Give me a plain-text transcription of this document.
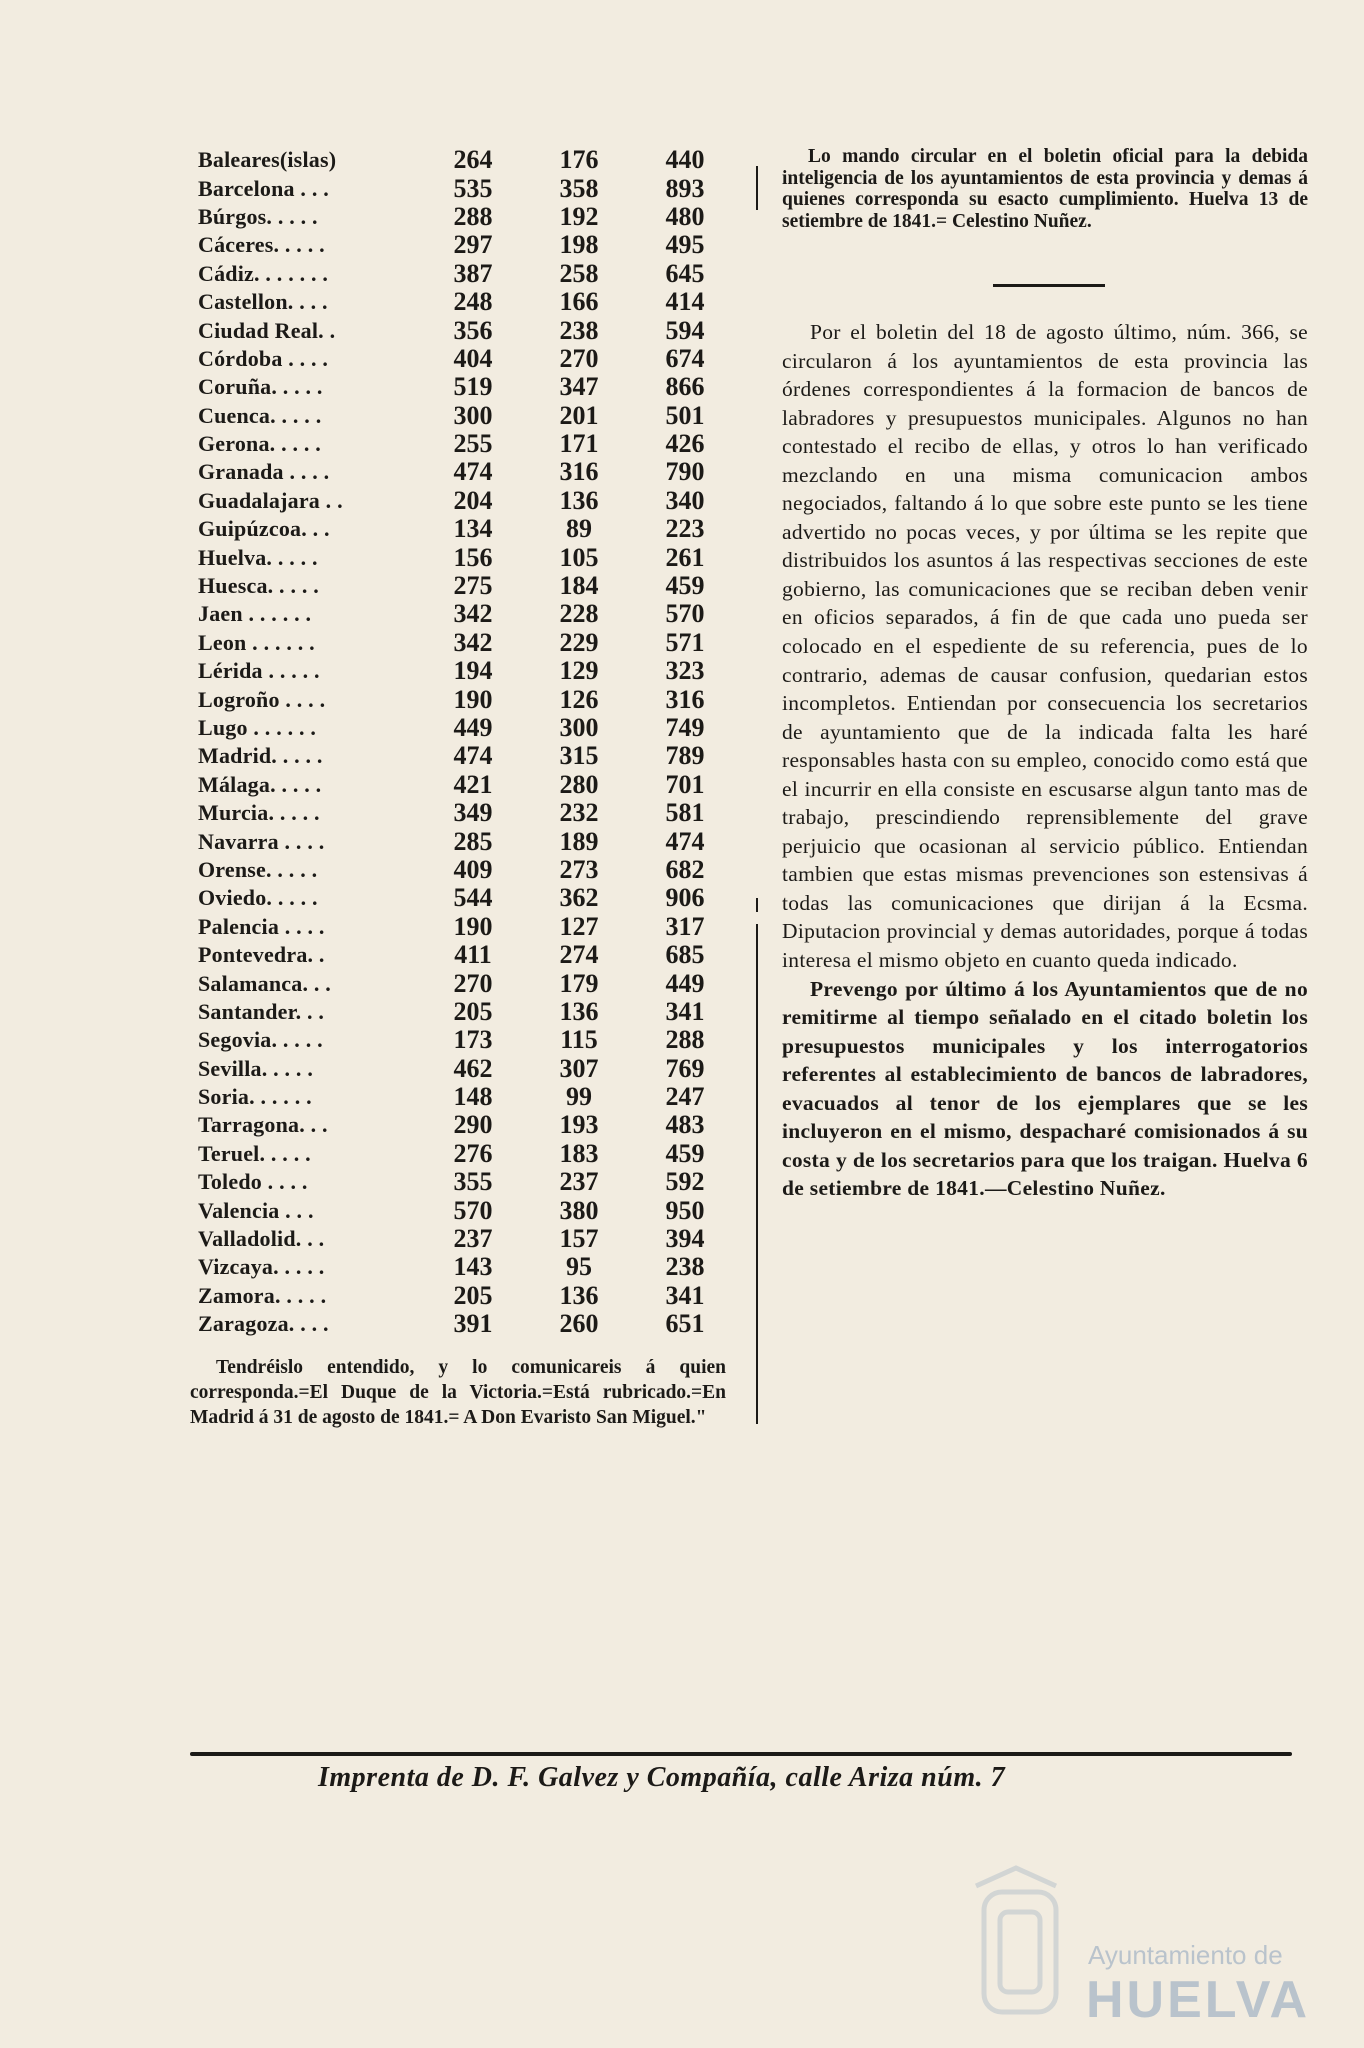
Baleares(islas)	264	176	440
Barcelona . . .	535	358	893
Búrgos. . . . .	288	192	480
Cáceres. . . . .	297	198	495
Cádiz. . . . . . .	387	258	645
Castellon. . . .	248	166	414
Ciudad Real. .	356	238	594
Córdoba . . . .	404	270	674
Coruña. . . . .	519	347	866
Cuenca. . . . .	300	201	501
Gerona. . . . .	255	171	426
Granada . . . .	474	316	790
Guadalajara . .	204	136	340
Guipúzcoa. . .	134	89	223
Huelva. . . . .	156	105	261
Huesca. . . . .	275	184	459
Jaen . . . . . .	342	228	570
Leon . . . . . .	342	229	571
Lérida . . . . .	194	129	323
Logroño . . . .	190	126	316
Lugo . . . . . .	449	300	749
Madrid. . . . .	474	315	789
Málaga. . . . .	421	280	701
Murcia. . . . .	349	232	581
Navarra . . . .	285	189	474
Orense. . . . .	409	273	682
Oviedo. . . . .	544	362	906
Palencia . . . .	190	127	317
Pontevedra. .	411	274	685
Salamanca. . .	270	179	449
Santander. . .	205	136	341
Segovia. . . . .	173	115	288
Sevilla. . . . .	462	307	769
Soria. . . . . .	148	99	247
Tarragona. . .	290	193	483
Teruel. . . . .	276	183	459
Toledo . . . .	355	237	592
Valencia . . .	570	380	950
Valladolid. . .	237	157	394
Vizcaya. . . . .	143	95	238
Zamora. . . . .	205	136	341
Zaragoza. . . .	391	260	651
Tendréislo entendido, y lo comunicareis á quien corresponda.=El Duque de la Victoria.=Está rubricado.=En Madrid á 31 de agosto de 1841.= A Don Evaristo San Miguel."
Lo mando circular en el boletin oficial para la debida inteligencia de los ayuntamientos de esta provincia y demas á quienes corresponda su esacto cumplimiento. Huelva 13 de setiembre de 1841.= Celestino Nuñez.

Por el boletin del 18 de agosto último, núm. 366, se circularon á los ayuntamientos de esta provincia las órdenes correspondientes á la formacion de bancos de labradores y presupuestos municipales. Algunos no han contestado el recibo de ellas, y otros lo han verificado mezclando en una misma comunicacion ambos negociados, faltando á lo que sobre este punto se les tiene advertido no pocas veces, y por última se les repite que distribuidos los asuntos á las respectivas secciones de este gobierno, las comunicaciones que se reciban deben venir en oficios separados, á fin de que cada uno pueda ser colocado en el espediente de su referencia, pues de lo contrario, ademas de causar confusion, quedarian estos incompletos. Entiendan por consecuencia los secretarios de ayuntamiento que de la indicada falta les haré responsables hasta con su empleo, conocido como está que el incurrir en ella consiste en escusarse algun tanto mas de trabajo, prescindiendo reprensiblemente del grave perjuicio que ocasionan al servicio público. Entiendan tambien que estas mismas prevenciones son estensivas á todas las comunicaciones que dirijan á la Ecsma. Diputacion provincial y demas autoridades, porque á todas interesa el mismo objeto en cuanto queda indicado.

Prevengo por último á los Ayuntamientos que de no remitirme al tiempo señalado en el citado boletin los presupuestos municipales y los interrogatorios referentes al establecimiento de bancos de labradores, evacuados al tenor de los ejemplares que se les incluyeron en el mismo, despacharé comisionados á su costa y de los secretarios para que los traigan. Huelva 6 de setiembre de 1841.—Celestino Nuñez.

Imprenta de D. F. Galvez y Compañía, calle Ariza núm. 7
Ayuntamiento de
HUELVA
